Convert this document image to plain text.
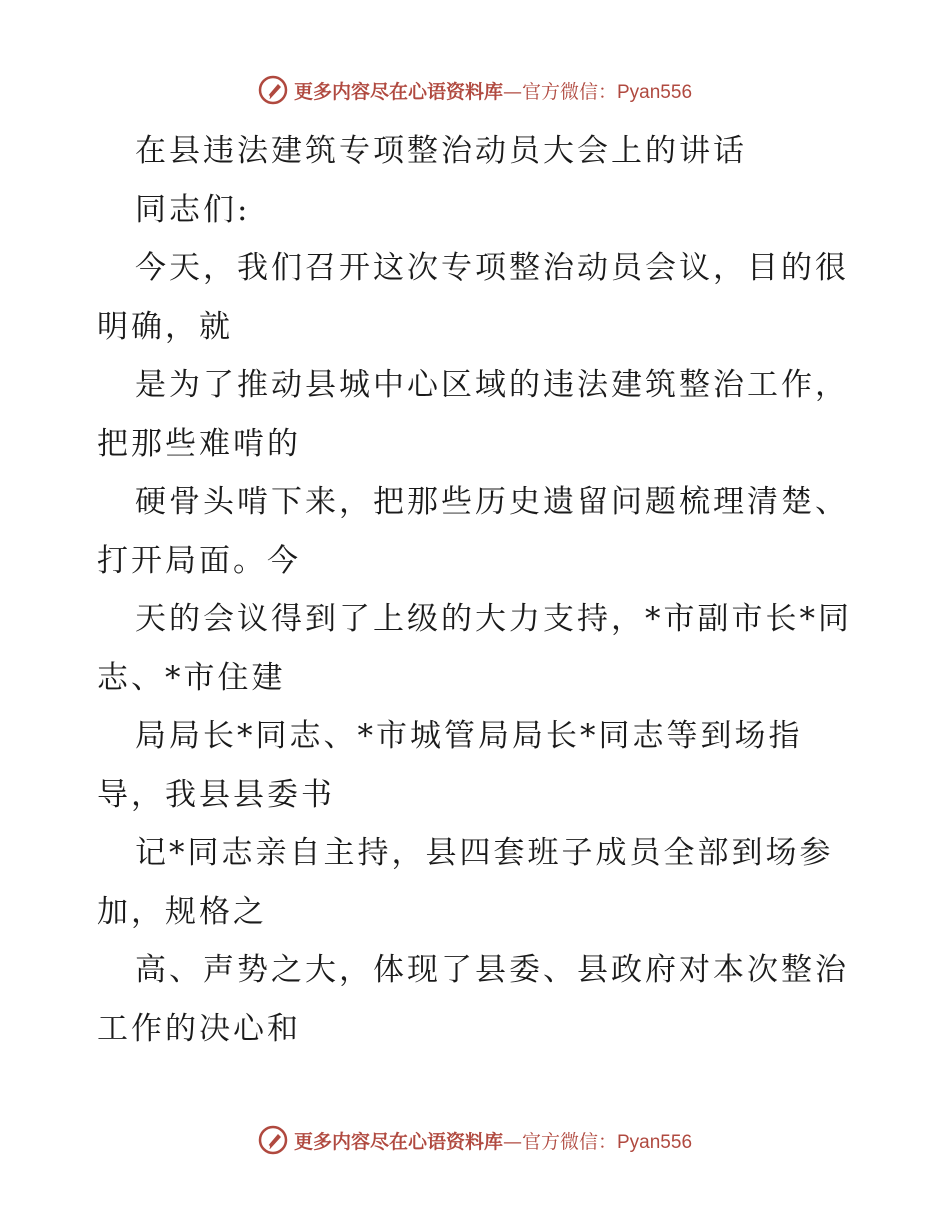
更多内容尽在心语资料库—官方微信：Pyan556
在县违法建筑专项整治动员大会上的讲话
同志们:
今天，我们召开这次专项整治动员会议，目的很
明确，就
是为了推动县城中心区域的违法建筑整治工作，
把那些难啃的
硬骨头啃下来，把那些历史遗留问题梳理清楚、
打开局面。今
天的会议得到了上级的大力支持，*市副市长*同
志、*市住建
局局长*同志、*市城管局局长*同志等到场指
导，我县县委书
记*同志亲自主持，县四套班子成员全部到场参
加，规格之
高、声势之大，体现了县委、县政府对本次整治
工作的决心和
更多内容尽在心语资料库—官方微信：Pyan556
